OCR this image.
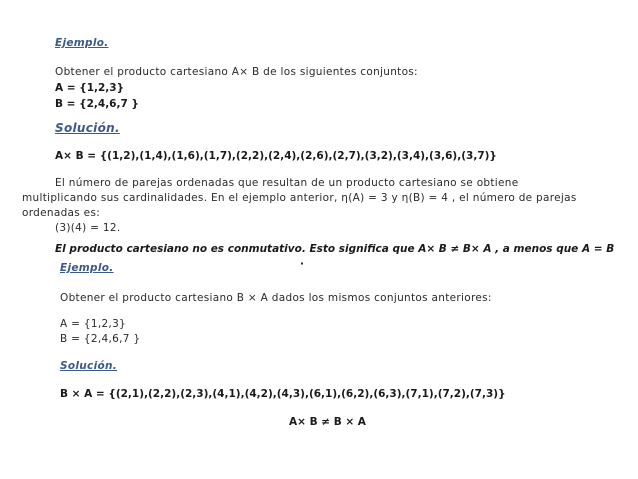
Ejemplo.
Obtener el producto cartesiano A× B de los siguientes conjuntos:
A = {1,2,3}
B = {2,4,6,7 }
Solución.
A× B = {(1,2),(1,4),(1,6),(1,7),(2,2),(2,4),(2,6),(2,7),(3,2),(3,4),(3,6),(3,7)}
El número de parejas ordenadas que resultan de un producto cartesiano se obtiene
multiplicando sus cardinalidades. En el ejemplo anterior, η(A) = 3 y η(B) = 4 , el número de parejas
ordenadas es:
(3)(4) = 12.
El producto cartesiano no es conmutativo. Esto significa que A× B ≠ B× A , a menos que A = B
·
Ejemplo.
Obtener el producto cartesiano B × A dados los mismos conjuntos anteriores:
A = {1,2,3}
B = {2,4,6,7 }
Solución.
B × A = {(2,1),(2,2),(2,3),(4,1),(4,2),(4,3),(6,1),(6,2),(6,3),(7,1),(7,2),(7,3)}
A× B ≠ B × A
